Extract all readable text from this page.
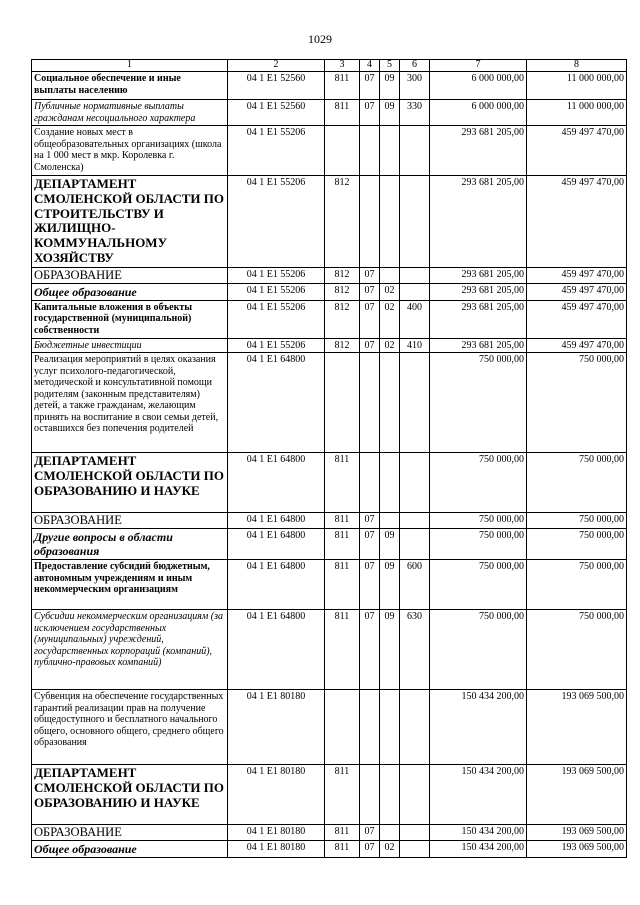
1029
1	2	3	4	5	6	7	8
Социальное обеспечение и иные выплаты населению	04 1 E1 52560	811	07	09	300	6 000 000,00	11 000 000,00
Публичные нормативные выплаты гражданам несоциального характера	04 1 E1 52560	811	07	09	330	6 000 000,00	11 000 000,00
Создание новых мест в общеобразовательных организациях (школа на 1 000 мест в мкр. Королевка г. Смоленска)	04 1 E1 55206					293 681 205,00	459 497 470,00
ДЕПАРТАМЕНТ СМОЛЕНСКОЙ ОБЛАСТИ ПО СТРОИТЕЛЬСТВУ И ЖИЛИЩНО-КОММУНАЛЬНОМУ ХОЗЯЙСТВУ	04 1 E1 55206	812				293 681 205,00	459 497 470,00
ОБРАЗОВАНИЕ	04 1 E1 55206	812	07			293 681 205,00	459 497 470,00
Общее образование	04 1 E1 55206	812	07	02		293 681 205,00	459 497 470,00
Капитальные вложения в объекты государственной (муниципальной) собственности	04 1 E1 55206	812	07	02	400	293 681 205,00	459 497 470,00
Бюджетные инвестиции	04 1 E1 55206	812	07	02	410	293 681 205,00	459 497 470,00
Реализация мероприятий в целях оказания услуг психолого-педагогической, методической и консультативной помощи родителям (законным представителям) детей, а также гражданам, желающим принять на воспитание в свои семьи детей, оставшихся без попечения родителей	04 1 E1 64800					750 000,00	750 000,00
ДЕПАРТАМЕНТ СМОЛЕНСКОЙ ОБЛАСТИ ПО ОБРАЗОВАНИЮ И НАУКЕ	04 1 E1 64800	811				750 000,00	750 000,00
ОБРАЗОВАНИЕ	04 1 E1 64800	811	07			750 000,00	750 000,00
Другие вопросы в области образования	04 1 E1 64800	811	07	09		750 000,00	750 000,00
Предоставление субсидий бюджетным, автономным учреждениям и иным некоммерческим организациям	04 1 E1 64800	811	07	09	600	750 000,00	750 000,00
Субсидии некоммерческим организациям (за исключением государственных (муниципальных) учреждений, государственных корпораций (компаний), публично-правовых компаний)	04 1 E1 64800	811	07	09	630	750 000,00	750 000,00
Субвенция на обеспечение государственных гарантий реализации прав на получение общедоступного и бесплатного начального общего, основного общего, среднего общего образования	04 1 E1 80180					150 434 200,00	193 069 500,00
ДЕПАРТАМЕНТ СМОЛЕНСКОЙ ОБЛАСТИ ПО ОБРАЗОВАНИЮ И НАУКЕ	04 1 E1 80180	811				150 434 200,00	193 069 500,00
ОБРАЗОВАНИЕ	04 1 E1 80180	811	07			150 434 200,00	193 069 500,00
Общее образование	04 1 E1 80180	811	07	02		150 434 200,00	193 069 500,00
